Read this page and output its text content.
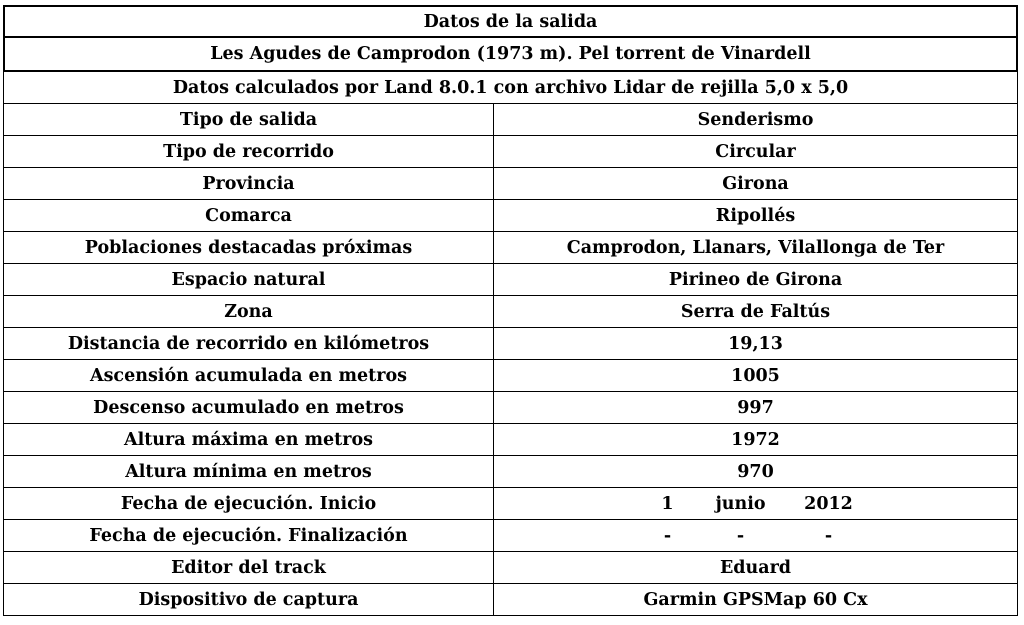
Datos de la salida
Les Agudes de Camprodon (1973 m). Pel torrent de Vinardell
Datos calculados por Land 8.0.1 con archivo Lidar de rejilla 5,0 x 5,0
Tipo de salida	Senderismo
Tipo de recorrido	Circular
Provincia	Girona
Comarca	Ripollés
Poblaciones destacadas próximas	Camprodon, Llanars, Vilallonga de Ter
Espacio natural	Pirineo de Girona
Zona	Serra de Faltús
Distancia de recorrido en kilómetros	19,13
Ascensión acumulada en metros	1005
Descenso acumulado en metros	997
Altura máxima en metros	1972
Altura mínima en metros	970
Fecha de ejecución. Inicio	1	junio	2012
Fecha de ejecución. Finalización	-	-	-
Editor del track	Eduard
Dispositivo de captura	Garmin GPSMap 60 Cx
